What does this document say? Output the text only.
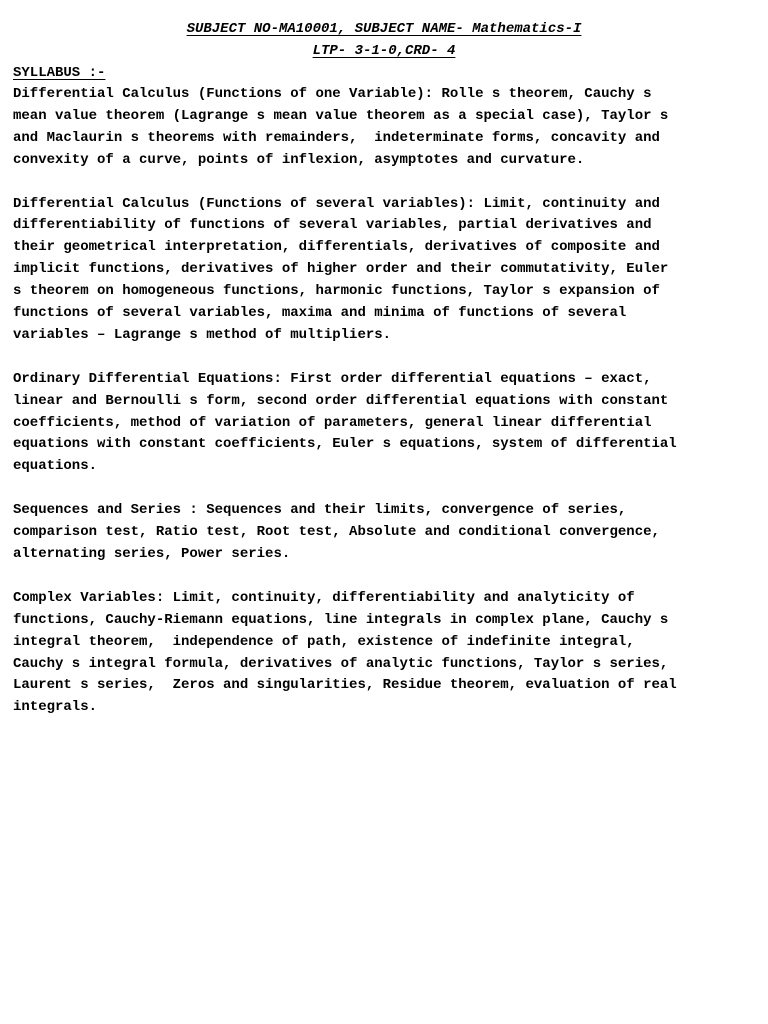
SUBJECT NO-MA10001, SUBJECT NAME- Mathematics-I
LTP- 3-1-0,CRD- 4
SYLLABUS :-

Differential Calculus (Functions of one Variable): Rolle s theorem, Cauchy s

mean value theorem (Lagrange s mean value theorem as a special case), Taylor s

and Maclaurin s theorems with remainders,  indeterminate forms, concavity and

convexity of a curve, points of inflexion, asymptotes and curvature.

Differential Calculus (Functions of several variables): Limit, continuity and

differentiability of functions of several variables, partial derivatives and

their geometrical interpretation, differentials, derivatives of composite and

implicit functions, derivatives of higher order and their commutativity, Euler

s theorem on homogeneous functions, harmonic functions, Taylor s expansion of

functions of several variables, maxima and minima of functions of several

variables – Lagrange s method of multipliers.

Ordinary Differential Equations: First order differential equations – exact,

linear and Bernoulli s form, second order differential equations with constant

coefficients, method of variation of parameters, general linear differential

equations with constant coefficients, Euler s equations, system of differential

equations.

Sequences and Series : Sequences and their limits, convergence of series,

comparison test, Ratio test, Root test, Absolute and conditional convergence,

alternating series, Power series.

Complex Variables: Limit, continuity, differentiability and analyticity of

functions, Cauchy-Riemann equations, line integrals in complex plane, Cauchy s

integral theorem,  independence of path, existence of indefinite integral,

Cauchy s integral formula, derivatives of analytic functions, Taylor s series,

Laurent s series,  Zeros and singularities, Residue theorem, evaluation of real

integrals.
